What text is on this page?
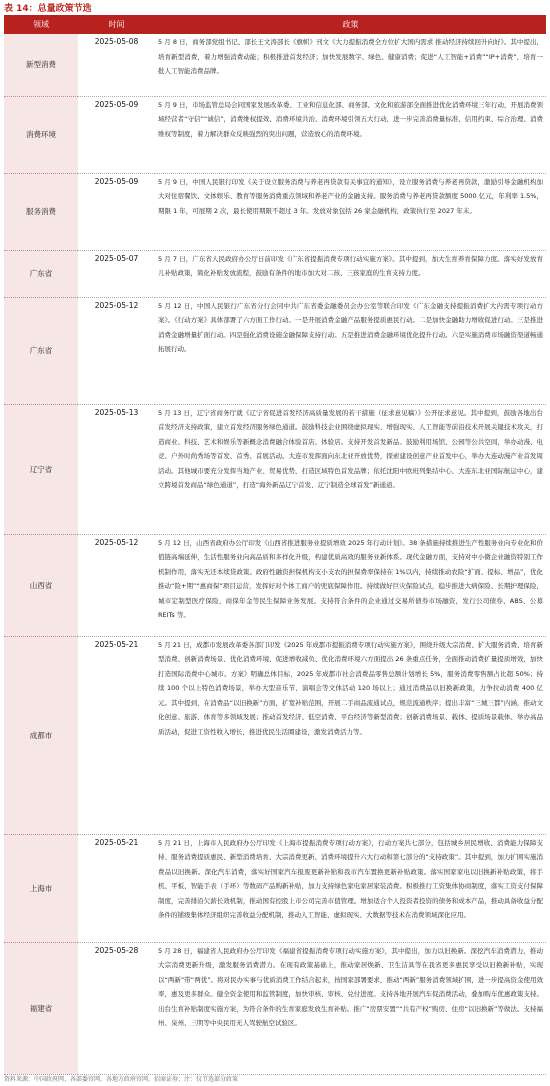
表 14：总量政策节选
领域	时间	政策
新型消费	2025-05-08	5 月 8 日，商务部党组书记、部长王文涛部长《旗帜》刊文《大力提振消费全方位扩大国内需求 推动经济持续回升向好》。其中提出，培育新型消费，着力增强消费动能；积极推进首发经济；加快发展数字、绿色、健康消费；促进“人工智能+消费”“IP+消费”，培育一批人工智能消费品牌。
消费环境	2025-05-09	5 月 9 日，市场监管总局会同国家发展改革委、工业和信息化部、商务部、文化和旅游部全面推进优化消费环境三年行动，开展消费领域经营者“守信”“诚信”，消费维权提效、消费环境共治、消费环境引领五大行动，进一步完善消费量标准、信用约束、综合治理、消费维权等制度，着力解决群众反映强烈的突出问题，营造放心的消费环境。
服务消费	2025-05-09	5 月 9 日，中国人民银行印发《关于设立服务消费与养老再贷款有关事宜的通知》，设立服务消费与养老再贷款，激励引导金融机构加大对住宿餐饮、文体娱乐、教育等服务消费重点领域和养老产业的金融支持。服务消费与养老再贷款额度 5000 亿元，年利率 1.5%，期限 1 年，可展期 2 次，最长使用期限不超过 3 年。发放对象包括 26 家金融机构，政策执行至 2027 年末。
广东省	2025-05-07	5 月 7 日，广东省人民政府办公厅日前印发《广东省提振消费专项行动实施方案》。其中提到，加大生育养育保障力度。落实好发放育儿补贴政策，简化补贴发放流程，鼓励有条件的地市加大对二孩、三孩家庭的生育支持力度。
广东省	2025-05-12	5 月 12 日，中国人民银行广东省分行会同中共广东省委金融委员会办公室等联合印发《广东金融支持提振消费扩大内需专项行动方案》。《行动方案》具体部署了六方面工作行动。一是开展消费金融产品服务提质惠民行动。二是加快金融助力增收促进行动。三是推进消费金融增量扩面行动。四是强化消费设施金融保障支持行动。五是推进消费金融环境优化提升行动。六是实施消费市场融资渠道畅通拓展行动。
辽宁省	2025-05-13	5 月 13 日，辽宁省商务厅就《辽宁省促进首发经济高质量发展的若干措施（征求意见稿）》公开征求意见。其中提到，鼓励各地出台首发经济支持政策，建立首发经济服务绿色通道。鼓励科技企业围绕虚拟现实、增强现实、人工智能等前沿技术开展关键技术攻关，打造商业、科技、艺术和娱乐等新概念消费融合体验首店、体验店。支持开发首发新品。鼓励利用场馆、公园等公共空间，举办动漫、电竞、户外时尚秀场等首发、首秀、首展活动。大连市发挥面向东北亚开放优势，探索建设创意产业首发中心，举办大连动漫产业首发周活动。其他城市要充分发挥当地产业、贸易优势，打造区域特色首发品牌；依托沈阳中欧班列集结中心、大连东北亚国际航运中心，建立跨境首发商品“绿色通道”，打造“海外新品辽宁首发、辽宁制造全球首发”新通道。
山西省	2025-05-12	5 月 12 日，山西省政府办公厅印发《山西省推进服务业提质增效 2025 年行动计划》。38 条措施持续推进生产性服务业向专业化和价值链高端延伸，生活性服务业向高品质和多样化升级，构建优质高效的服务业新体系。现代金融方面，支持对中小微企业融资特别工作机制作用，落实无还本续贷政策。政府性融资担保机构支小支农的担保费率保持在 1%以内，持续推动农险“扩面、提标、增品”，优化推动“险+期”“惠商保”项目运营，发挥好对个体工商户的兜底保障作用。持续做好巨灾保险试点，稳步推进大病保险、长期护理保险，城市定制型医疗保险，商保年金等民生保障业务发展。支持符合条件的企业通过交易所债券市场融资，发行公司债券、ABS、公募 REITs 等。
成都市	2025-05-21	5 月 21 日，成都市发展改革委各部门印发《2025 年成都市提振消费专项行动实施方案》，围绕升级大宗消费、扩大服务消费、培育新型消费、创新消费场景、优化消费环境、促进增收减负、优化消费环境六方面提出 26 条重点任务，全面推动消费扩量提质增效，加快打造国际消费中心城市。方案》明确总体目标，2025 年成都市社会消费品零售总额计划增长 5%，服务消费零售额占比超 50%；持续 100 个以上特色消费场景，举办大型音乐节、演唱会等文体活动 120 场以上；通过消费品以旧换新政策，力争拉动消费 400 亿元。其中提到，在消费品“以旧换新”方面，扩宽补贴范围，开展二手商品流通试点，规范流通秩序；提出丰富“三城三都”内涵，推动文化创意、旅游、体育等多领域发展；推动首发经济、低空消费、平台经济等新型消费；创新消费场景、载体、提质场景载体、举办高品质活动，促进工资性收入增长，推进优民生活圈建设，激发消费活力等。
上海市	2025-05-21	5 月 21 日，上海市人民政府办公厅印发《上海市提振消费专项行动方案》，行动方案共七部分，包括城乡居民增收、消费能力保障支持、服务消费提质惠民、新型消费培育、大宗消费更新、消费环境提升六大行动和第七部分的“支持政策”。其中提到，加力扩围实施消费品以旧换新。深化汽车消费，落实好国家汽车报废更新补贴和我市汽车置换更新补贴政策。落实国家家电以旧换新补贴政策，将手机、平板、智能手表（手环）等数码产品购新补贴，加力支持绿色家电家居家装消费。积极推行工资集体协商制度，落实工资支付保障制度，完善排沿欠薪长效机制，推动国有控股上市公司完善市值管理。增加适合个人投资者投资的债务和成本产品，推动具备收益分配条件的铺级集体经济组织完善收益分配机制，推动人工智能、虚拟现实、大数据等技术在消费领域深化应用。
福建省	2025-05-28	5 月 28 日，福建省人民政府办公厅印发《福建省提振消费专项行动实施方案》，其中提出，加力以旧换新。深挖汽车消费潜力，推动大宗消费更新升级，激发服务消费潜力。在现有政策基础上，推动家居焕新、卫生洁具等在我省更多惠民享受以旧换新补贴，实现以“两新”带“两优”。将对民办实事与优质消费工作结合起来，按国家部署要求，推动“两新”服务消费领域扩围，进一步提高资金使用效率，惠及更多群众。健全资金使用和监管制度，加快审核、审核、兑付进度。支持各地开展汽车促消费活动，叠加购车优惠政策支持。出台生育补贴制度实施方案，为符合条件的生育家庭发放生育补贴。推广“房票安置”“共有产权”购房、住房“以旧换新”等做法。支持福州、泉州、三明等中央民用无人驾驶航空试验区。
资料来源：中国政府网、各部委官网、各地方政府官网、招商证券；注：仅节选部分政策
